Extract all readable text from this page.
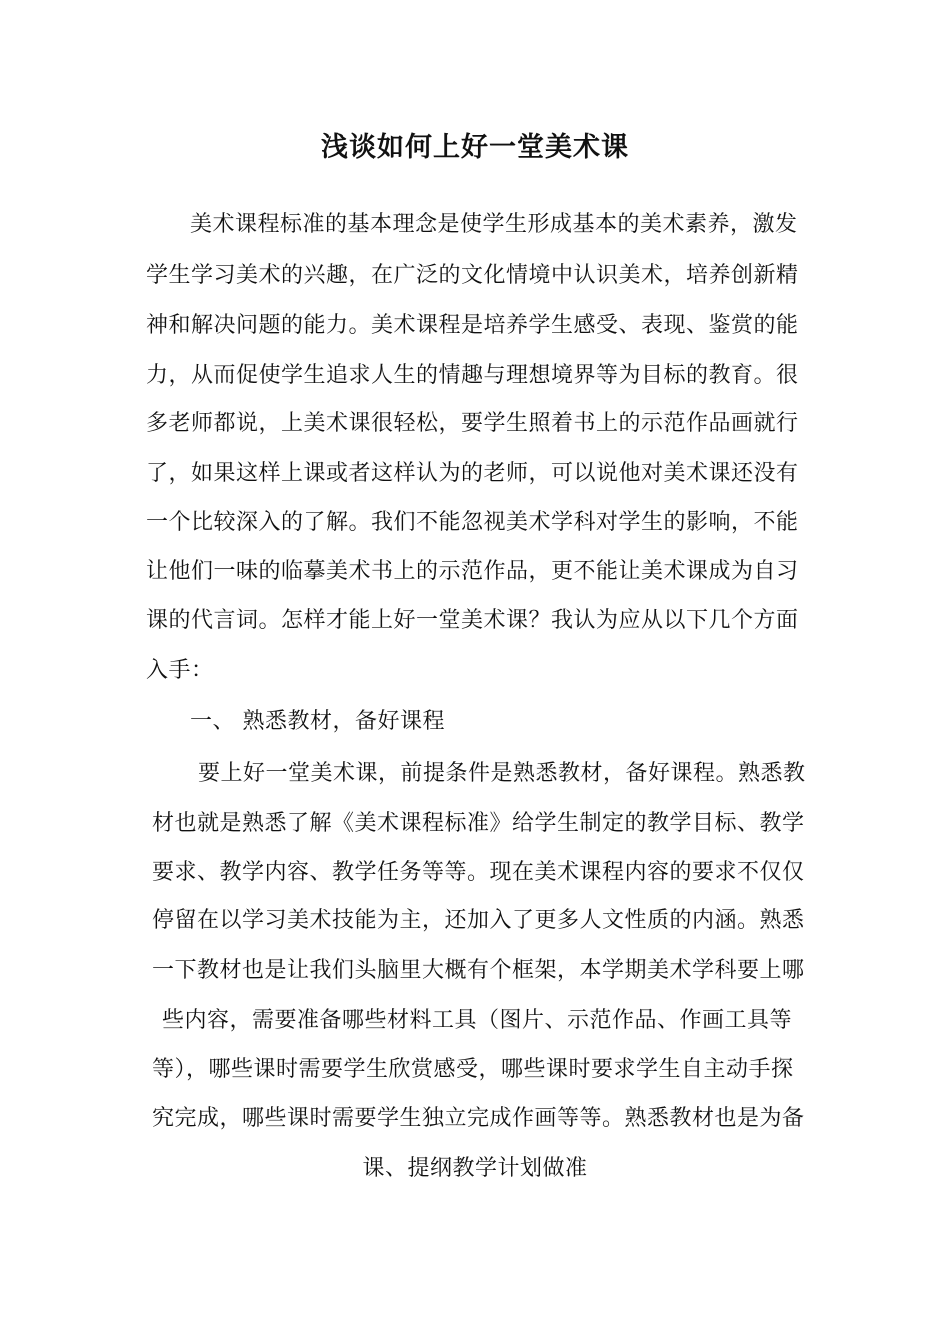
浅谈如何上好一堂美术课
美术课程标准的基本理念是使学生形成基本的美术素养，激发
学生学习美术的兴趣，在广泛的文化情境中认识美术，培养创新精
神和解决问题的能力。美术课程是培养学生感受、表现、鉴赏的能
力，从而促使学生追求人生的情趣与理想境界等为目标的教育。很
多老师都说，上美术课很轻松，要学生照着书上的示范作品画就行
了，如果这样上课或者这样认为的老师，可以说他对美术课还没有
一个比较深入的了解。我们不能忽视美术学科对学生的影响，不能
让他们一味的临摹美术书上的示范作品，更不能让美术课成为自习
课的代言词。怎样才能上好一堂美术课？我认为应从以下几个方面
入手：
一、 熟悉教材，备好课程
要上好一堂美术课，前提条件是熟悉教材，备好课程。熟悉教
材也就是熟悉了解《美术课程标准》给学生制定的教学目标、教学
要求、教学内容、教学任务等等。现在美术课程内容的要求不仅仅
停留在以学习美术技能为主，还加入了更多人文性质的内涵。熟悉
一下教材也是让我们头脑里大概有个框架，本学期美术学科要上哪
些内容，需要准备哪些材料工具（图片、示范作品、作画工具等
等），哪些课时需要学生欣赏感受，哪些课时要求学生自主动手探
究完成，哪些课时需要学生独立完成作画等等。熟悉教材也是为备
课、提纲教学计划做准
